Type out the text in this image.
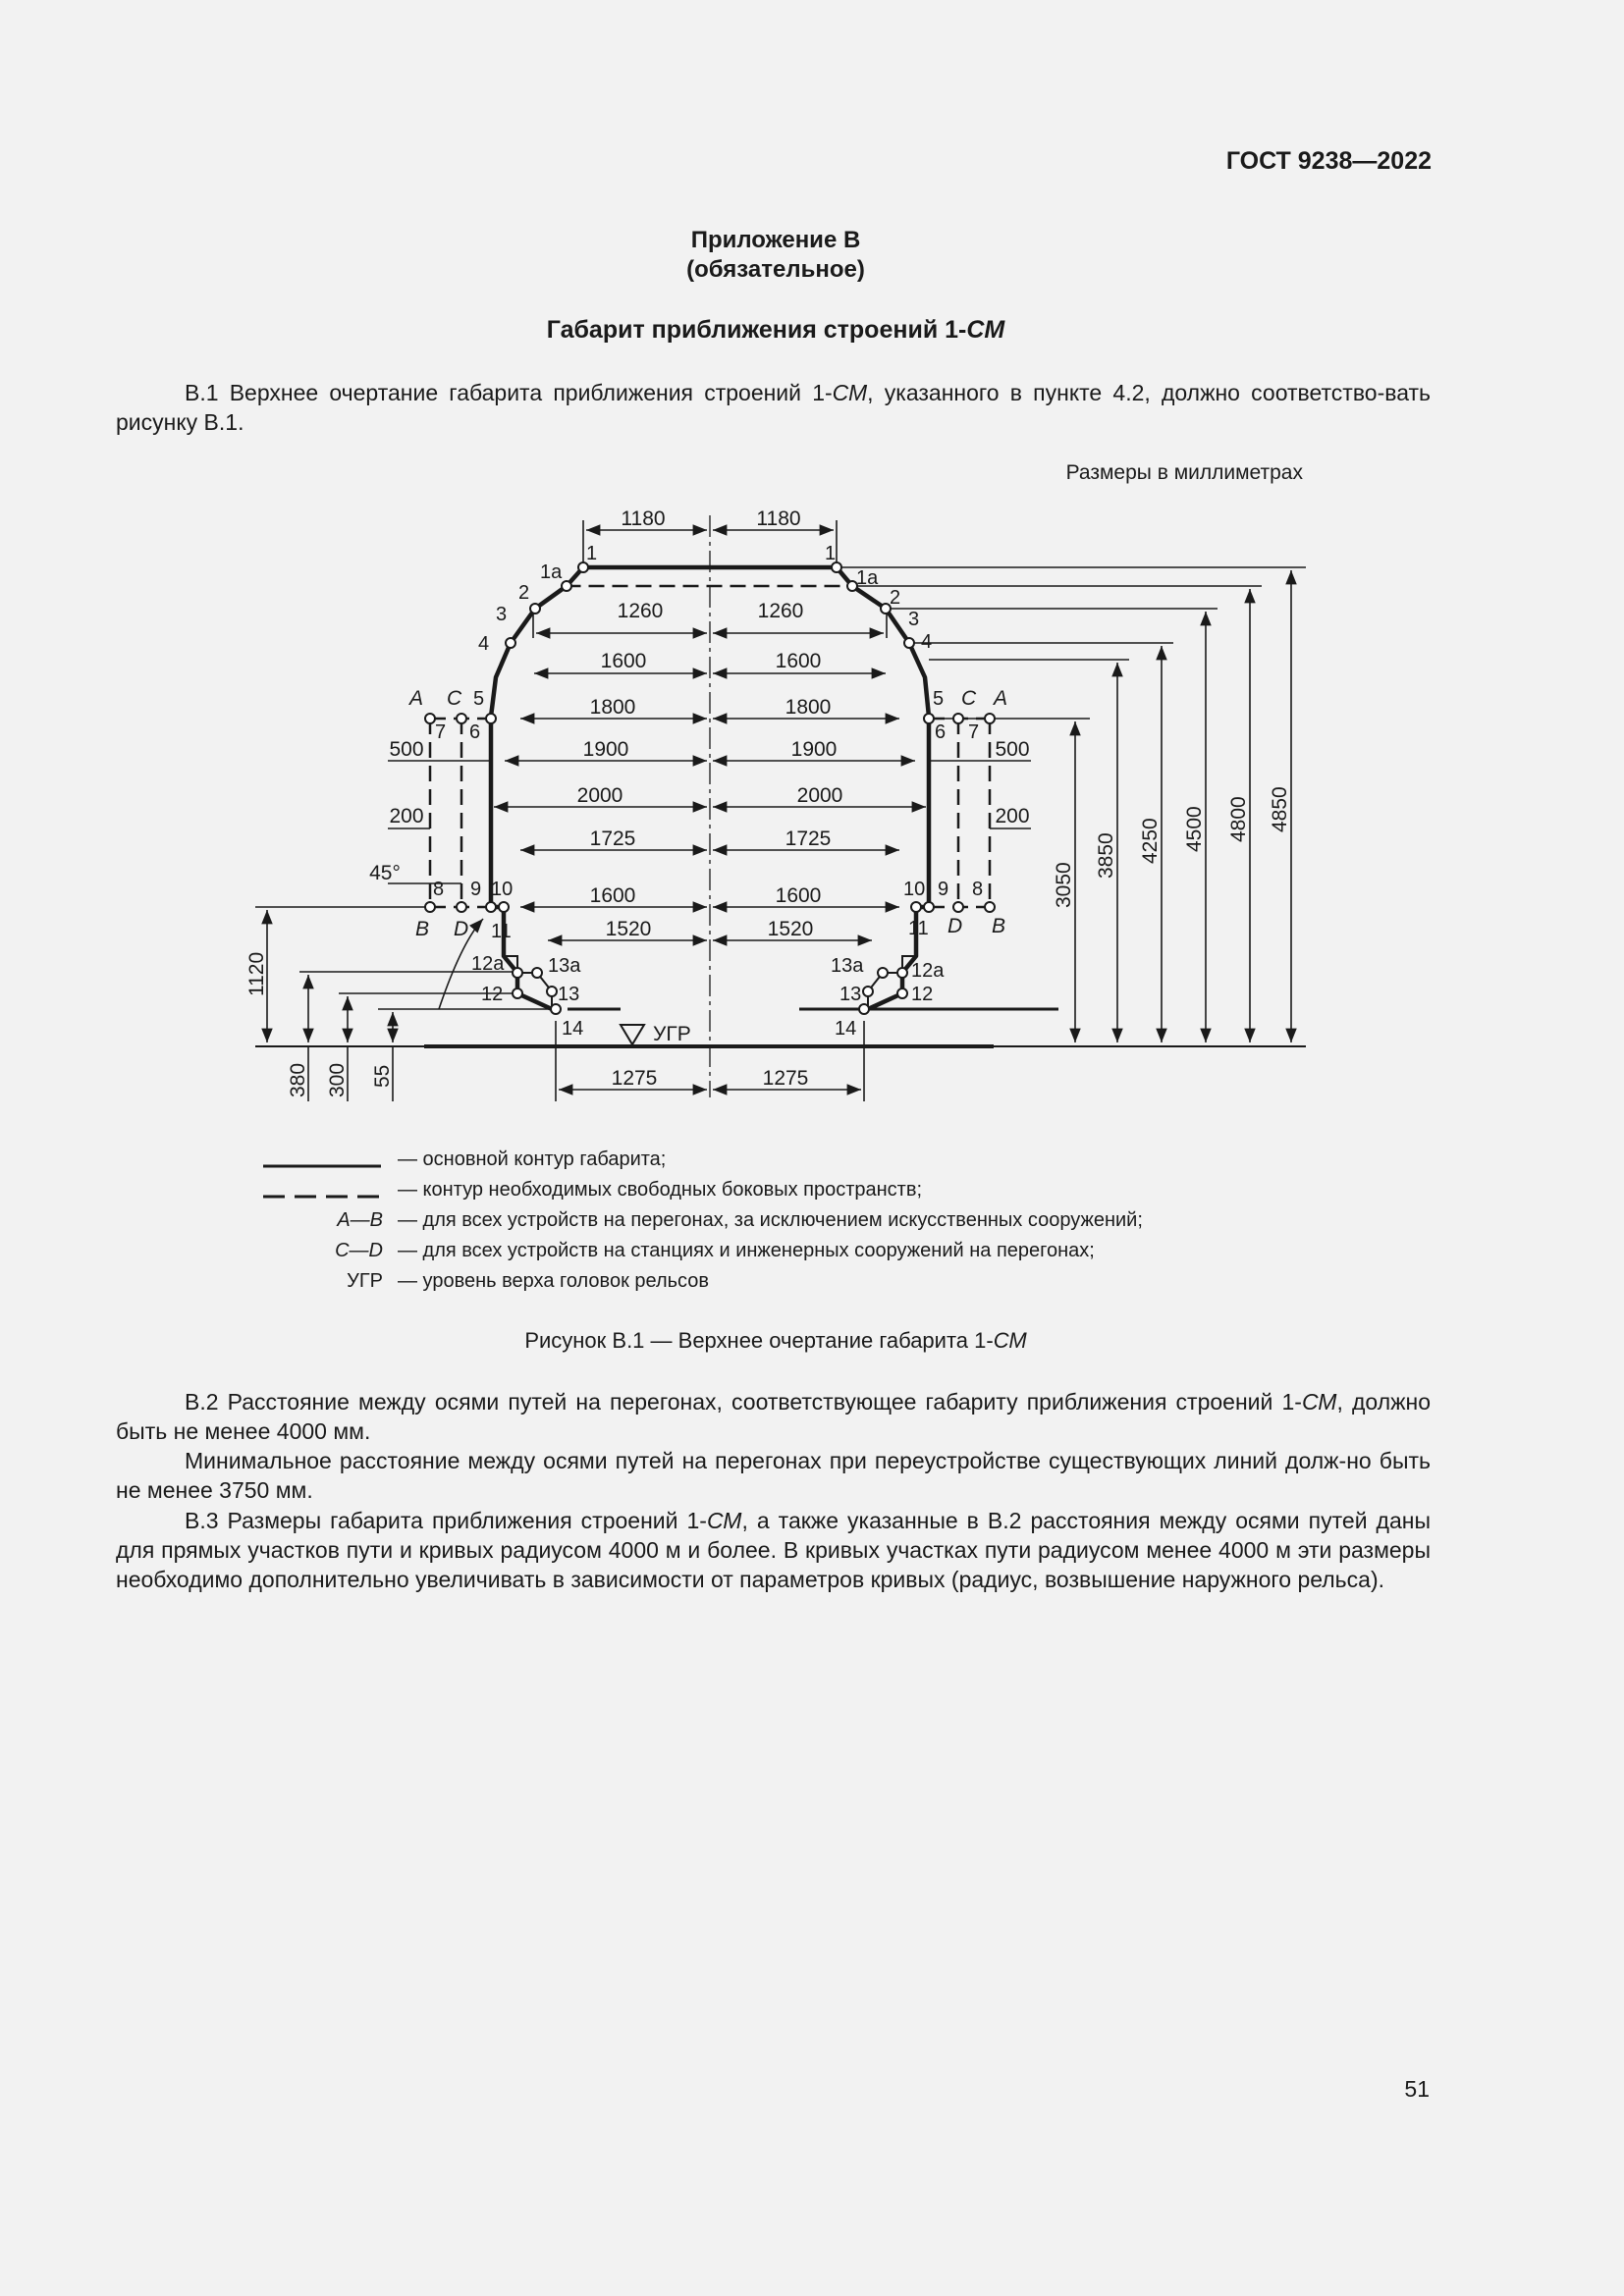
ГОСТ 9238—2022
Приложение В
(обязательное)
Габарит приближения строений 1-СМ

В.1 Верхнее очертание габарита приближения строений 1-СМ, указанного в пункте 4.2, должно соответство-вать рисунку В.1.

Размеры в миллиметрах
3050
3850 4250 4500 4800 4850
1180	1180
1260	1260
1600	1600
1800	1800
1900	1900
2000	2000
1725	1725
1600	1600
1520	1520
1275	1275
500	500
200	200
45°
1120
380 300 55
УГР
1	1
1а	1а
2	2
3	3
4	4
5	5
6	6
7	7
8	8
9	9
10	10
11	11
12а	12а
12	12
13а	13а
13	13
14	14
A C	A
C
B D	B
D
— основной контур габарита;
— контур необходимых свободных боковых пространств;
A—B — для всех устройств на перегонах, за исключением искусственных сооружений;
C—D — для всех устройств на станциях и инженерных сооружений на перегонах;
УГР — уровень верха головок рельсов
Рисунок В.1 — Верхнее очертание габарита 1-СМ

В.2 Расстояние между осями путей на перегонах, соответствующее габариту приближения строений 1-СМ, должно быть не менее 4000 мм.

Минимальное расстояние между осями путей на перегонах при переустройстве существующих линий долж-но быть не менее 3750 мм.

В.3 Размеры габарита приближения строений 1-СМ, а также указанные в В.2 расстояния между осями путей даны для прямых участков пути и кривых радиусом 4000 м и более. В кривых участках пути радиусом менее 4000 м эти размеры необходимо дополнительно увеличивать в зависимости от параметров кривых (радиус, возвышение наружного рельса).

51
